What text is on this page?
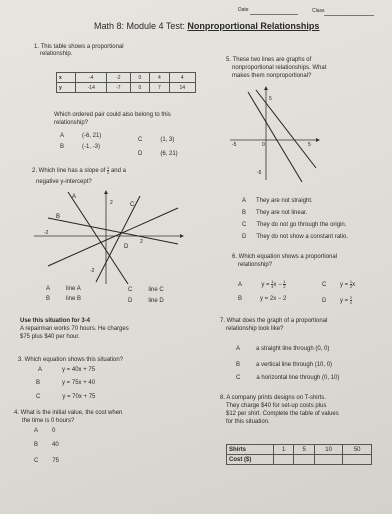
Date	Class
Math 8: Module 4 Test: Nonproportional Relationships
1. This table shows a proportional
relationship.
x	-4	-2	0	4	4
y	-14	-7	0	7	14
Which ordered pair could also belong to this
relationship?
A	(-6, 21)
B	(-1, -3)
C	(1, 3)
D	(6, 21)
2. Which line has a slope of $\frac{1}{2}$ and a
negative y-intercept?
A
C
B
D
2
-2
2
-2
A	line A
B	line B
C	line C
D	line D
5. These two lines are graphs of
nonproportional relationships. What
makes them nonproportional?
5
-5	5
-5
0
A They are not straight.
B They are not linear.
C They do not go through the origin.
D They do not show a constant ratio.
6. Which equation shows a proportional
relationship?
A	$y = \frac{1}{4}$ $x - \frac{1}{2}$	C $y = \frac{1}{2}$ x
B	y = 2x − 2	D $y = \frac{2}{x}$
Use this situation for 3-4
A repairman works 70 hours. He charges
$75 plus $40 per hour.
3. Which equation shows this situation?
A	y = 40x + 75
B	y = 75x + 40
C	y = 70x + 75
4. What is the initial value, the cost when
the time is 0 hours?
A 0
B 40
C 75
7. What does the graph of a proportional
relationship look like?
A	a straight line through (0, 0)
B	a vertical line through (10, 0)
C	a horizontal line through (0, 10)
8. A company prints designs on T-shirts.
They charge $40 for set-up costs plus
$12 per shirt. Complete the table of values
for this situation.
Shirts	1	5	10	50
Cost ($)				
